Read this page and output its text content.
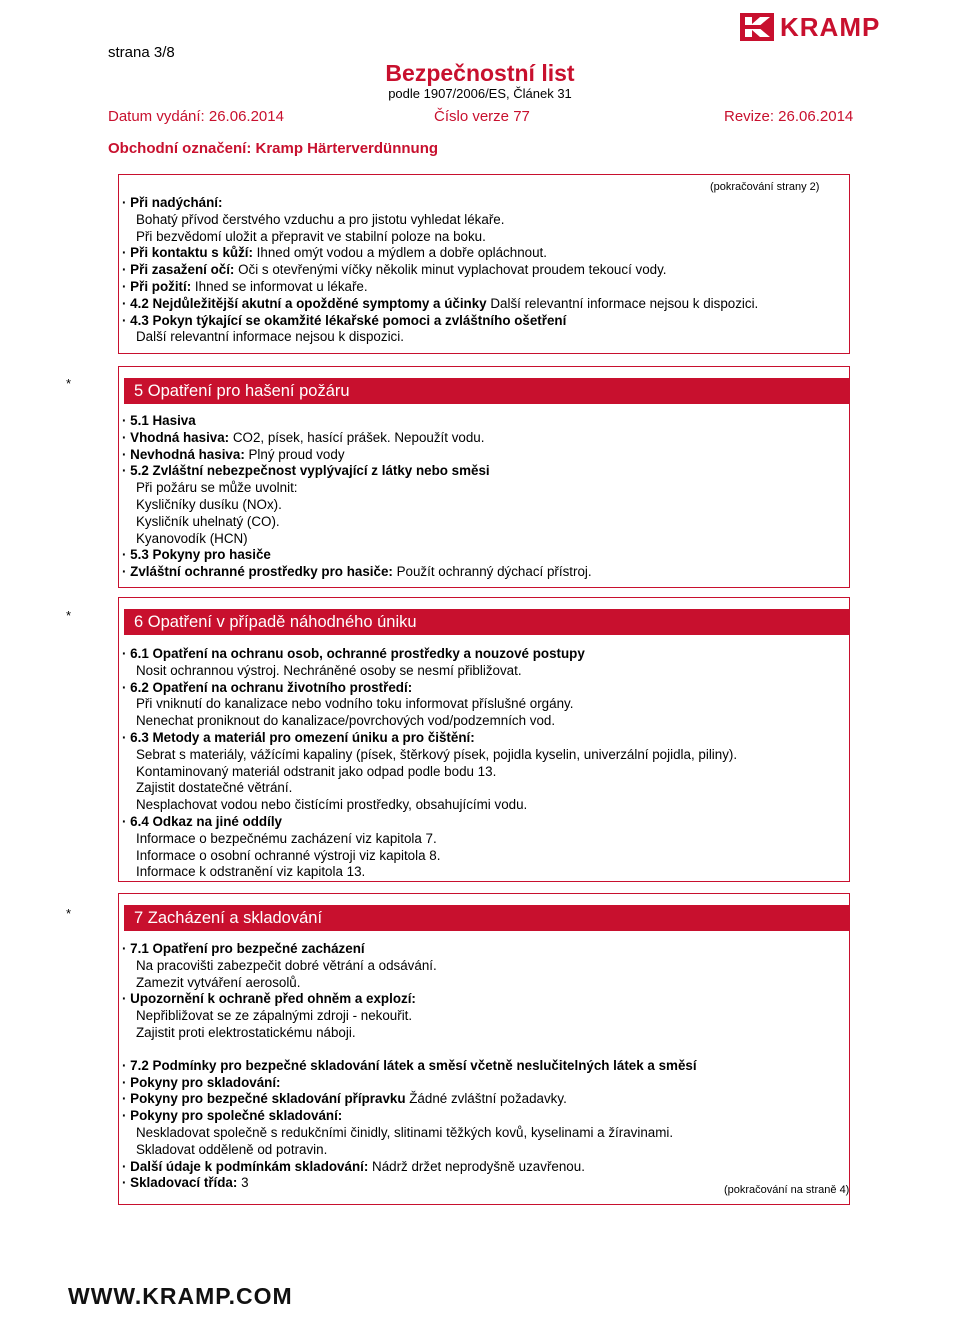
KRAMP
strana 3/8
Bezpečnostní list
podle 1907/2006/ES, Článek 31
Datum vydání: 26.06.2014	Číslo verze 77	Revize: 26.06.2014
Obchodní označení: Kramp Härterverdünnung
(pokračování strany 2)
· Při nadýchání:
Bohatý přívod čerstvého vzduchu a pro jistotu vyhledat lékaře.
Při bezvědomí uložit a přepravit ve stabilní poloze na boku.
· Při kontaktu s kůží: Ihned omýt vodou a mýdlem a dobře opláchnout.
· Při zasažení očí: Oči s otevřenými víčky několik minut vyplachovat proudem tekoucí vody.
· Při požití: Ihned se informovat u lékaře.
· 4.2 Nejdůležitější akutní a opožděné symptomy a účinky Další relevantní informace nejsou k dispozici.
· 4.3 Pokyn týkající se okamžité lékařské pomoci a zvláštního ošetření
Další relevantní informace nejsou k dispozici.
*	5 Opatření pro hašení požáru
· 5.1 Hasiva
· Vhodná hasiva: CO2, písek, hasící prášek. Nepoužít vodu.
· Nevhodná hasiva: Plný proud vody
· 5.2 Zvláštní nebezpečnost vyplývající z látky nebo směsi
Při požáru se může uvolnit:
Kysličníky dusíku (NOx).
Kysličník uhelnatý (CO).
Kyanovodík (HCN)
· 5.3 Pokyny pro hasiče
· Zvláštní ochranné prostředky pro hasiče: Použít ochranný dýchací přístroj.
*	6 Opatření v případě náhodného úniku
· 6.1 Opatření na ochranu osob, ochranné prostředky a nouzové postupy
Nosit ochrannou výstroj. Nechráněné osoby se nesmí přibližovat.
· 6.2 Opatření na ochranu životního prostředí:
Při vniknutí do kanalizace nebo vodního toku informovat příslušné orgány.
Nenechat proniknout do kanalizace/povrchových vod/podzemních vod.
· 6.3 Metody a materiál pro omezení úniku a pro čištění:
Sebrat s materiály, vážícími kapaliny (písek, štěrkový písek, pojidla kyselin, univerzální pojidla, piliny).
Kontaminovaný materiál odstranit jako odpad podle bodu 13.
Zajistit dostatečné větrání.
Nesplachovat vodou nebo čistícími prostředky, obsahujícími vodu.
· 6.4 Odkaz na jiné oddíly
Informace o bezpečnému zacházení viz kapitola 7.
Informace o osobní ochranné výstroji viz kapitola 8.
Informace k odstranění viz kapitola 13.
*	7 Zacházení a skladování
· 7.1 Opatření pro bezpečné zacházení
Na pracovišti zabezpečit dobré větrání a odsávání.
Zamezit vytváření aerosolů.
· Upozornění k ochraně před ohněm a explozí:
Nepřibližovat se ze zápalnými zdroji - nekouřit.
Zajistit proti elektrostatickému náboji.
· 7.2 Podmínky pro bezpečné skladování látek a směsí včetně neslučitelných látek a směsí
· Pokyny pro skladování:
· Pokyny pro bezpečné skladování přípravku Žádné zvláštní požadavky.
· Pokyny pro společné skladování:
Neskladovat společně s redukčními činidly, slitinami těžkých kovů, kyselinami a žíravinami.
Skladovat odděleně od potravin.
· Další údaje k podmínkám skladování: Nádrž držet neprodyšně uzavřenou.
· Skladovací třída: 3	(pokračování na straně 4)
WWW.KRAMP.COM
